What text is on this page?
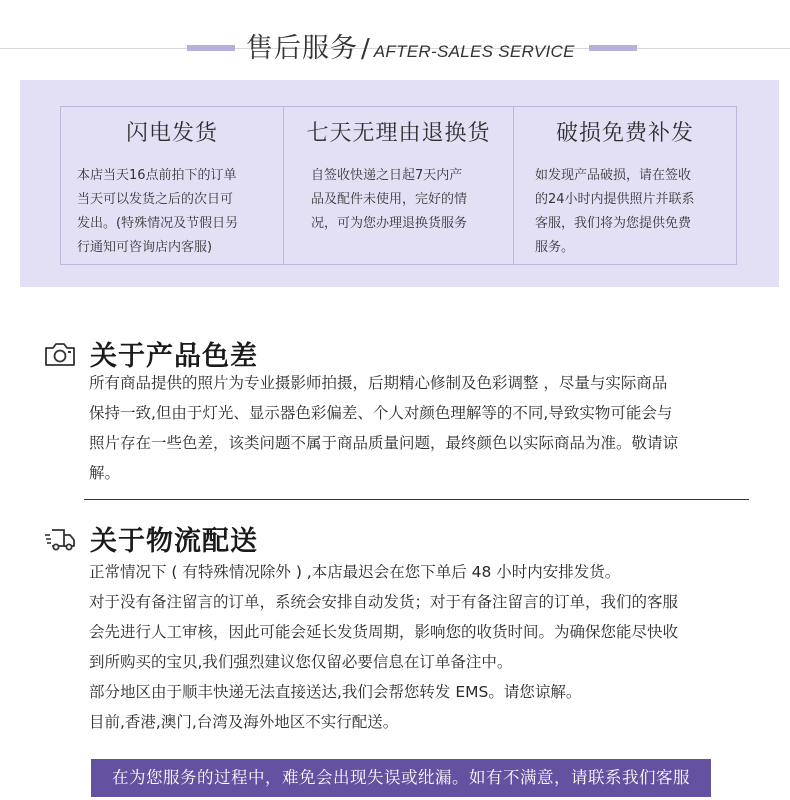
售后服务 / AFTER-SALES SERVICE
闪电发货
本店当天16点前拍下的订单
当天可以发货之后的次日可
发出。(特殊情况及节假日另
行通知可咨询店内客服)
七天无理由退换货
自签收快递之日起7天内产
品及配件未使用，完好的情
况，可为您办理退换货服务
破损免费补发
如发现产品破损，请在签收
的24小时内提供照片并联系
客服，我们将为您提供免费
服务。
关于产品色差

所有商品提供的照片为专业摄影师拍摄，后期精心修制及色彩调整 ，尽量与实际商品

保持一致,但由于灯光、显示器色彩偏差、个人对颜色理解等的不同,导致实物可能会与

照片存在一些色差，该类问题不属于商品质量问题，最终颜色以实际商品为准。敬请谅

解。

关于物流配送

正常情况下 ( 有特殊情况除外 ) ,本店最迟会在您下单后 48 小时内安排发货。

对于没有备注留言的订单，系统会安排自动发货；对于有备注留言的订单，我们的客服

会先进行人工审核，因此可能会延长发货周期，影响您的收货时间。为确保您能尽快收

到所购买的宝贝,我们强烈建议您仅留必要信息在订单备注中。

部分地区由于顺丰快递无法直接送达,我们会帮您转发 EMS。请您谅解。

目前,香港,澳门,台湾及海外地区不实行配送。

在为您服务的过程中，难免会出现失误或纰漏。如有不满意，请联系我们客服
